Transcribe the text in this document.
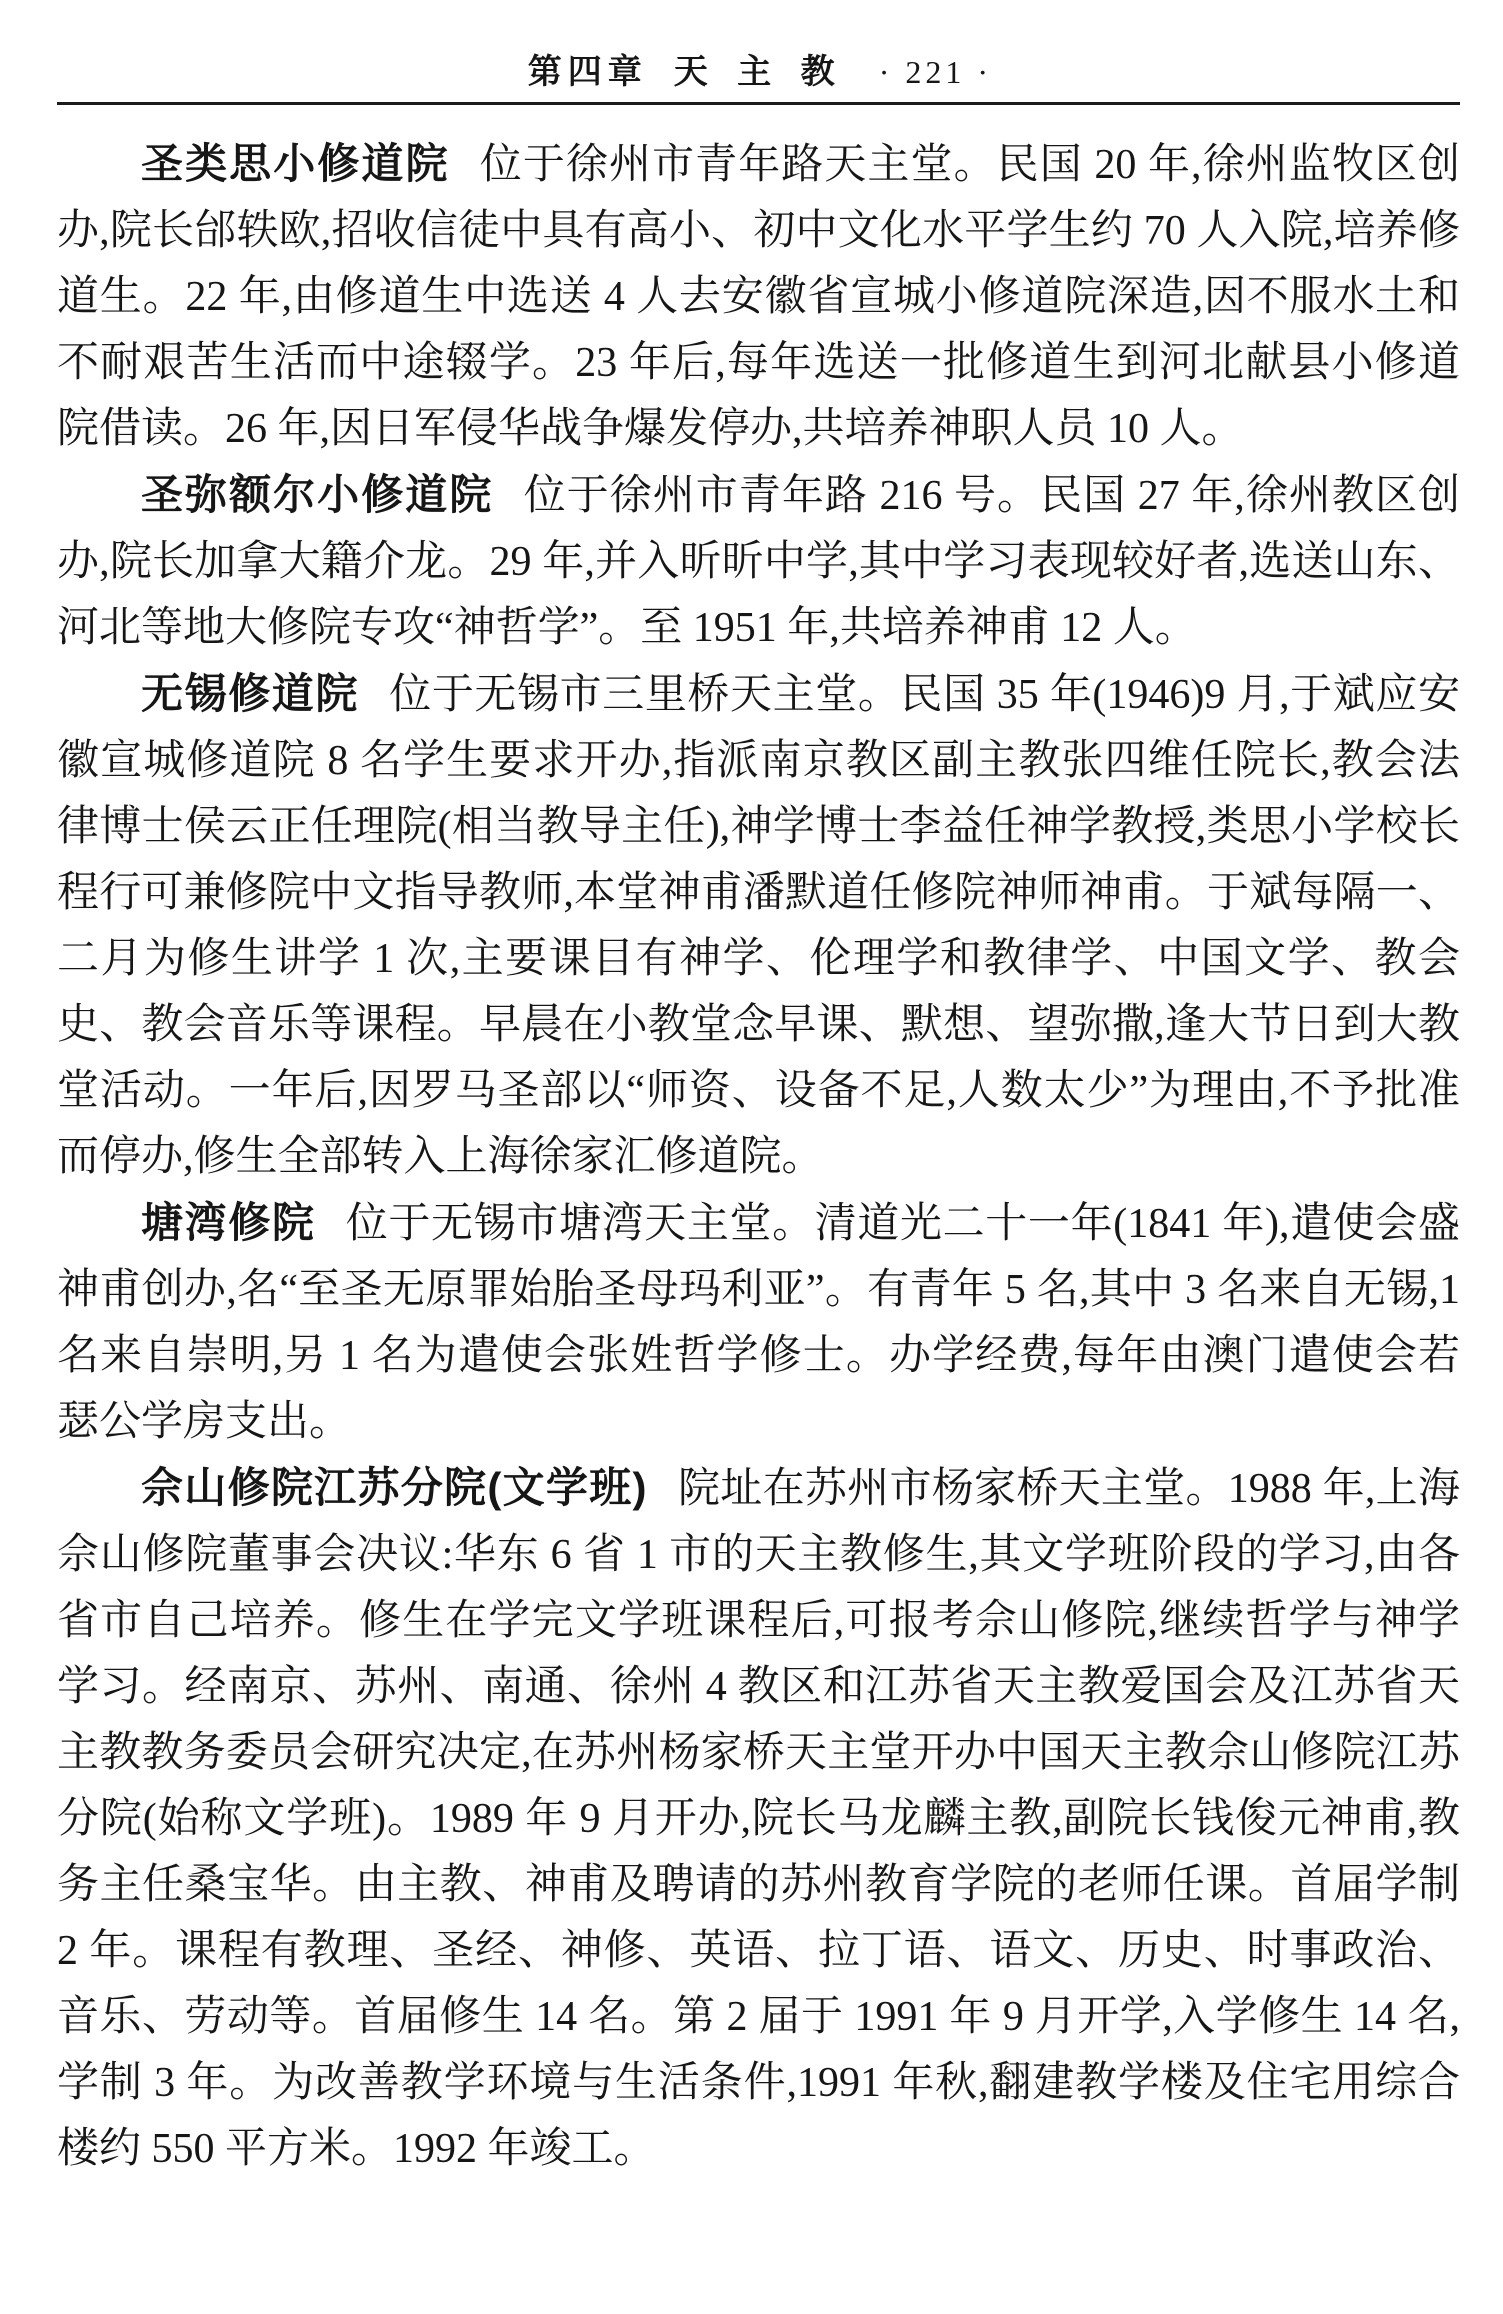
第四章 天 主 教 · 221 ·

圣类思小修道院 位于徐州市青年路天主堂。民国 20 年,徐州监牧区创办,院长邰轶欧,招收信徒中具有高小、初中文化水平学生约 70 人入院,培养修道生。22 年,由修道生中选送 4 人去安徽省宣城小修道院深造,因不服水土和不耐艰苦生活而中途辍学。23 年后,每年选送一批修道生到河北献县小修道院借读。26 年,因日军侵华战争爆发停办,共培养神职人员 10 人。

圣弥额尔小修道院 位于徐州市青年路 216 号。民国 27 年,徐州教区创办,院长加拿大籍介龙。29 年,并入昕昕中学,其中学习表现较好者,选送山东、河北等地大修院专攻“神哲学”。至 1951 年,共培养神甫 12 人。

无锡修道院 位于无锡市三里桥天主堂。民国 35 年(1946)9 月,于斌应安徽宣城修道院 8 名学生要求开办,指派南京教区副主教张四维任院长,教会法律博士侯云正任理院(相当教导主任),神学博士李益任神学教授,类思小学校长程行可兼修院中文指导教师,本堂神甫潘默道任修院神师神甫。于斌每隔一、二月为修生讲学 1 次,主要课目有神学、伦理学和教律学、中国文学、教会史、教会音乐等课程。早晨在小教堂念早课、默想、望弥撒,逢大节日到大教堂活动。一年后,因罗马圣部以“师资、设备不足,人数太少”为理由,不予批准而停办,修生全部转入上海徐家汇修道院。

塘湾修院 位于无锡市塘湾天主堂。清道光二十一年(1841 年),遣使会盛神甫创办,名“至圣无原罪始胎圣母玛利亚”。有青年 5 名,其中 3 名来自无锡,1 名来自崇明,另 1 名为遣使会张姓哲学修士。办学经费,每年由澳门遣使会若瑟公学房支出。

佘山修院江苏分院(文学班) 院址在苏州市杨家桥天主堂。1988 年,上海佘山修院董事会决议:华东 6 省 1 市的天主教修生,其文学班阶段的学习,由各省市自己培养。修生在学完文学班课程后,可报考佘山修院,继续哲学与神学学习。经南京、苏州、南通、徐州 4 教区和江苏省天主教爱国会及江苏省天主教教务委员会研究决定,在苏州杨家桥天主堂开办中国天主教佘山修院江苏分院(始称文学班)。1989 年 9 月开办,院长马龙麟主教,副院长钱俊元神甫,教务主任桑宝华。由主教、神甫及聘请的苏州教育学院的老师任课。首届学制 2 年。课程有教理、圣经、神修、英语、拉丁语、语文、历史、时事政治、音乐、劳动等。首届修生 14 名。第 2 届于 1991 年 9 月开学,入学修生 14 名,学制 3 年。为改善教学环境与生活条件,1991 年秋,翻建教学楼及住宅用综合楼约 550 平方米。1992 年竣工。
